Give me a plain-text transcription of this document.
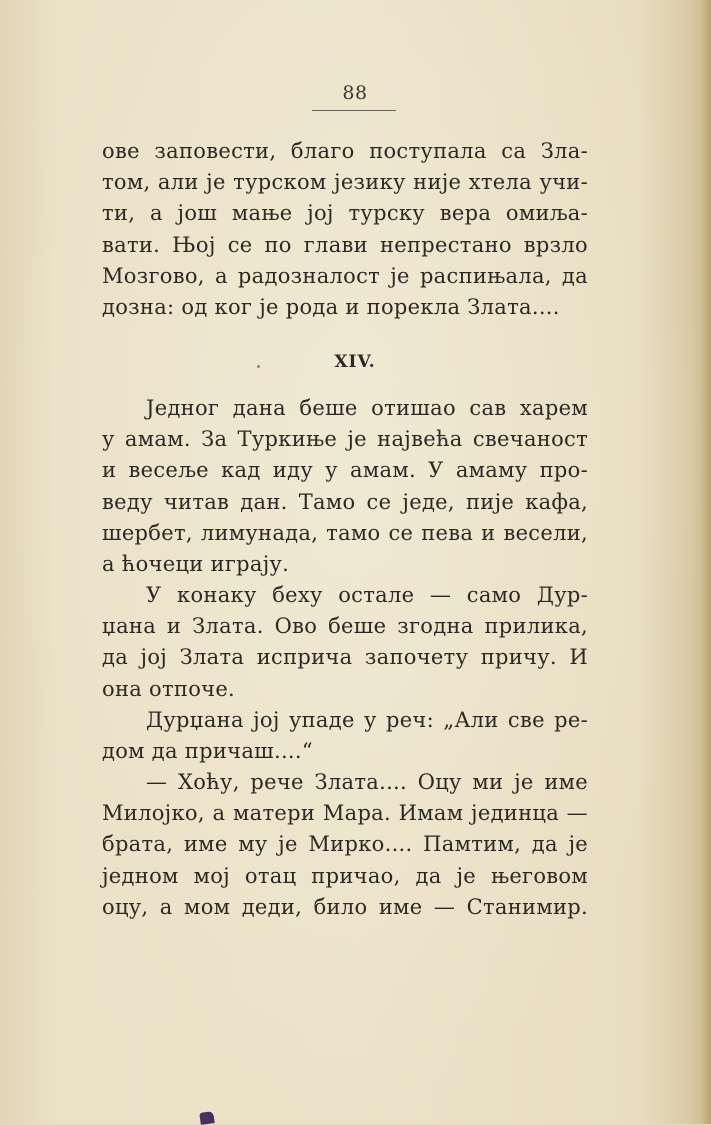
88
ове заповести, благо поступала са Зла-
том, али је турском језику није хтела учи-
ти, а још мање јој турску вера омиља-
вати. Њој се по глави непрестано врзло
Мозгово, а радозналост је распињала, да
дозна: од ког је рода и порекла Злата....
XIV.
Једног дана беше отишао сав харем
у амам. За Туркиње је највећа свечаност
и весеље кад иду у амам. У амаму про-
веду читав дан. Тамо се једе, пије кафа,
шербет, лимунада, тамо се пева и весели,
а ћочеци играју.
У конаку беху остале — само Дур-
џана и Злата. Ово беше згодна прилика,
да јој Злата исприча започету причу. И
она отпоче.
Дурџана јој упаде у реч: „Али све ре-
дом да причаш....“
— Хоћу, рече Злата.... Оцу ми је име
Милојко, а матери Мара. Имам јединца —
брата, име му је Мирко.... Памтим, да је
једном мој отац причао, да је његовом
оцу, а мом деди, било име — Станимир.
